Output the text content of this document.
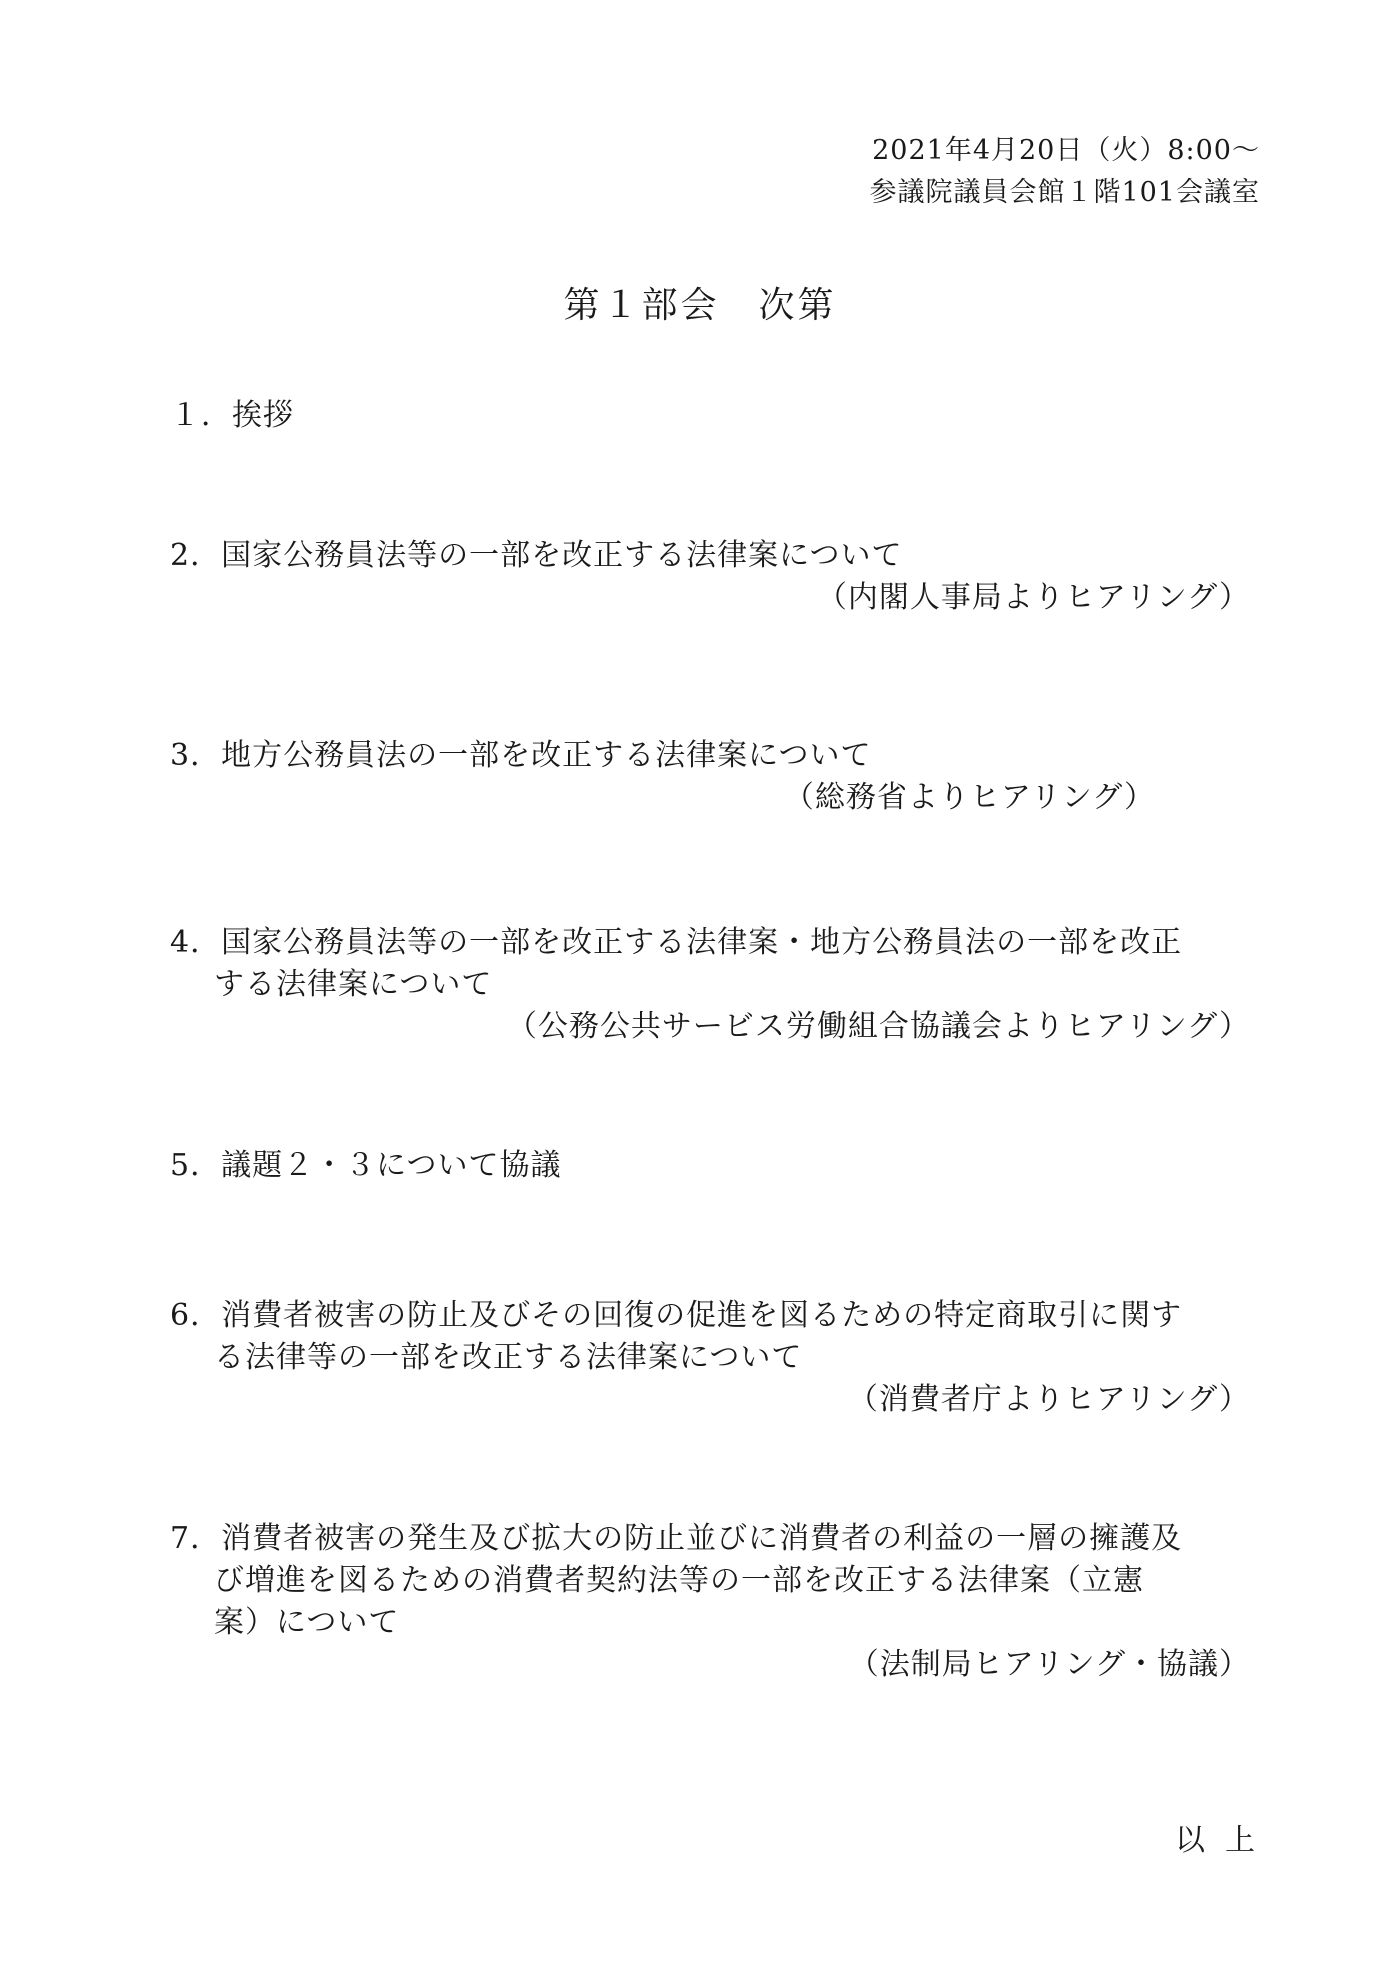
2021年4月20日（火）8:00～
参議院議員会館１階101会議室
第１部会　次第
１．挨拶
2．国家公務員法等の一部を改正する法律案について
（内閣人事局よりヒアリング）
3．地方公務員法の一部を改正する法律案について
（総務省よりヒアリング）
4．国家公務員法等の一部を改正する法律案・地方公務員法の一部を改正
する法律案について
（公務公共サービス労働組合協議会よりヒアリング）
5．議題２・３について協議
6．消費者被害の防止及びその回復の促進を図るための特定商取引に関す
る法律等の一部を改正する法律案について
（消費者庁よりヒアリング）
7．消費者被害の発生及び拡大の防止並びに消費者の利益の一層の擁護及
び増進を図るための消費者契約法等の一部を改正する法律案（立憲
案）について
（法制局ヒアリング・協議）
以上
